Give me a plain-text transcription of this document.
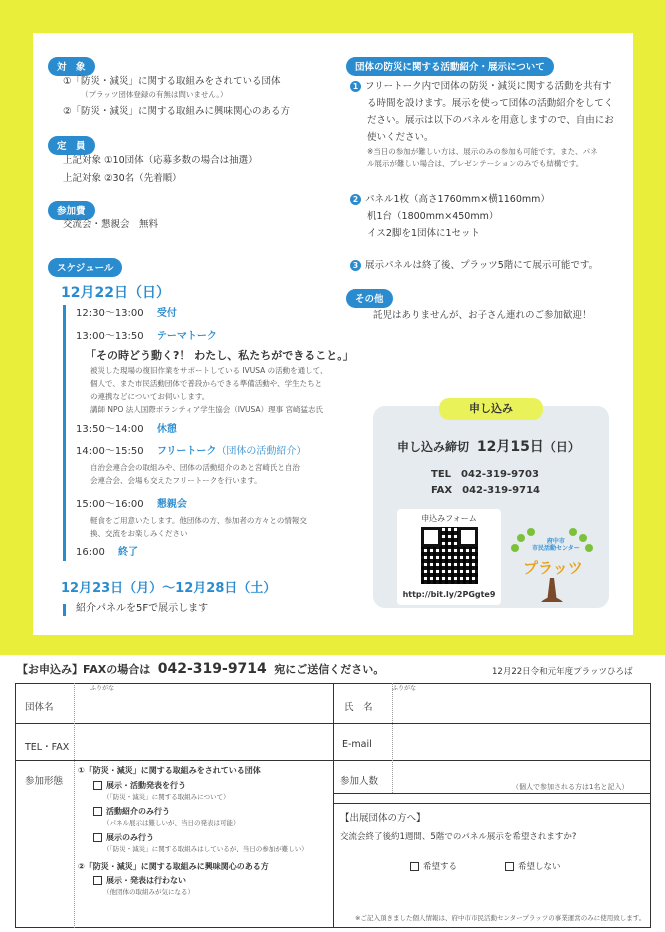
対　象
①「防災・減災」に関する取組みをされている団体
（プラッツ団体登録の有無は問いません。）
②「防災・減災」に関する取組みに興味関心のある方
定　員
上記対象 ①10団体（応募多数の場合は抽選）
上記対象 ②30名（先着順）
参加費
交流会・懇親会　無料
スケジュール
12月22日（日）
12:30～13:00 受付
13:00～13:50 テーマトーク
「その時どう動く?！ わたし、私たちができること。」
被災した現場の復旧作業をサポートしている IVUSA の活動を通して、
個人で、また市民活動団体で普段からできる準備活動や、学生たちと
の連携などについてお伺いします。
講師 NPO 法人国際ボランティア学生協会（IVUSA）理事 宮崎猛志氏
13:50～14:00 休憩
14:00～15:50 フリートーク（団体の活動紹介）
自治会連合会の取組みや、団体の活動紹介のあと宮崎氏と自治
会連合会、会場も交えたフリートークを行います。
15:00～16:00 懇親会
軽食をご用意いたします。他団体の方、参加者の方々との情報交
換、交流をお楽しみください
16:00 終了
12月23日（月）～12月28日（土）
紹介パネルを5Fで展示します
団体の防災に関する活動紹介・展示について
1 フリートーク内で団体の防災・減災に関する活動を共有す
る時間を設けます。展示を使って団体の活動紹介をしてく
ださい。展示は以下のパネルを用意しますので、自由にお
使いください。
※当日の参加が難しい方は、展示のみの参加も可能です。また、パネ
ル展示が難しい場合は、プレゼンテーションのみでも結構です。
2 パネル1枚（高さ1760mm×横1160mm）
机1台（1800mm×450mm）
イス2脚を1団体に1セット
3 展示パネルは終了後、プラッツ5階にて展示可能です。
その他
託児はありませんが、お子さん連れのご参加歓迎！
申し込み
申し込み締切 12月15日（日）
TEL　042-319-9703
FAX　042-319-9714
申込みフォーム
http://bit.ly/2PGgte9
府中市
市民活動センター
プラッツ
【お申込み】FAXの場合は 042-319-9714 宛にご送信ください。	12月22日令和元年度プラッツひろば
ふりがな
団体名
ふりがな
氏　名
TEL・FAX	E-mail
参加形態
①「防災・減災」に関する取組みをされている団体
展示・活動発表を行う
（「防災・減災」に関する取組みについて）
活動紹介のみ行う
（パネル展示は難しいが、当日の発表は可能）
展示のみ行う
（「防災・減災」に関する取組みはしているが、当日の参加が難しい）
②「防災・減災」に関する取組みに興味関心のある方
展示・発表は行わない
（他団体の取組みが気になる）
参加人数	（個人で参加される方は1名と記入）
【出展団体の方へ】
交流会終了後約1週間、5階でのパネル展示を希望されますか?
希望する	希望しない
※ご記入頂きました個人情報は、府中市市民活動センタープラッツの事業運営のみに使用致します。
